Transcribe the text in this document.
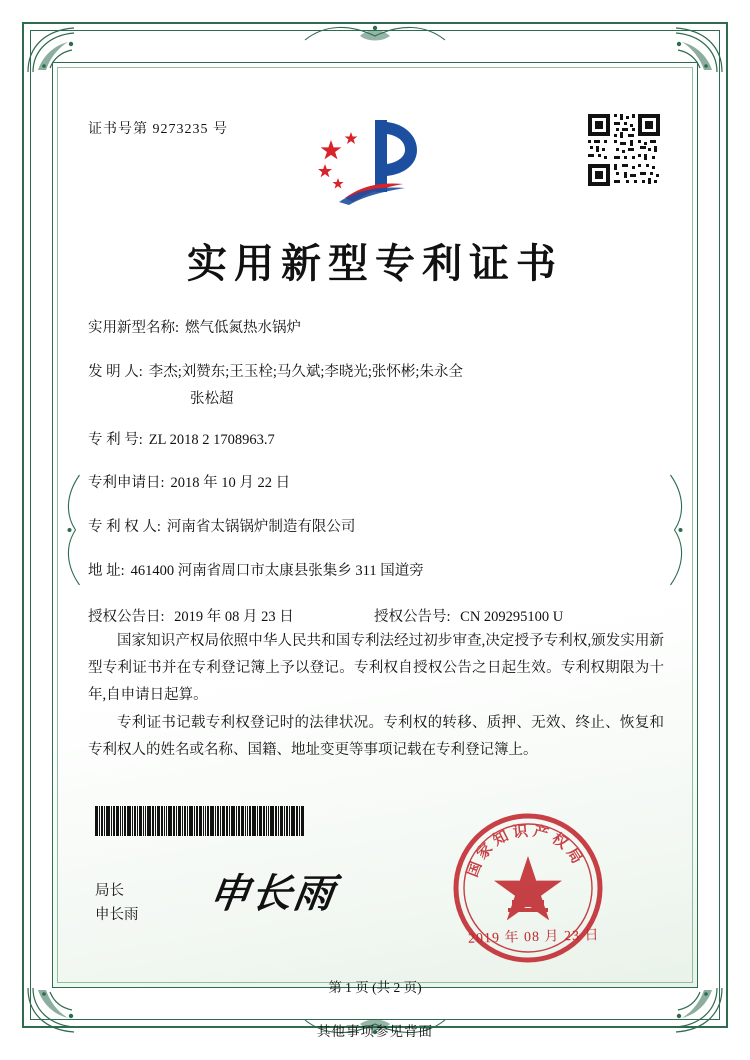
证书号第 9273235 号
实用新型专利证书
实用新型名称: 燃气低氮热水锅炉
发 明 人: 李杰;刘赞东;王玉栓;马久斌;李晓光;张怀彬;朱永全
张松超
专 利 号: ZL 2018 2 1708963.7
专利申请日: 2018 年 10 月 22 日
专 利 权 人: 河南省太锅锅炉制造有限公司
地 址: 461400 河南省周口市太康县张集乡 311 国道旁
授权公告日: 2019 年 08 月 23 日	授权公告号: CN 209295100 U

国家知识产权局依照中华人民共和国专利法经过初步审查,决定授予专利权,颁发实用新型专利证书并在专利登记簿上予以登记。专利权自授权公告之日起生效。专利权期限为十年,自申请日起算。

专利证书记载专利权登记时的法律状况。专利权的转移、质押、无效、终止、恢复和专利权人的姓名或名称、国籍、地址变更等事项记载在专利登记簿上。

局长
申长雨 申长雨
国家知识产权局
2019 年 08 月 23 日
第 1 页 (共 2 页)
其他事项参见背面
